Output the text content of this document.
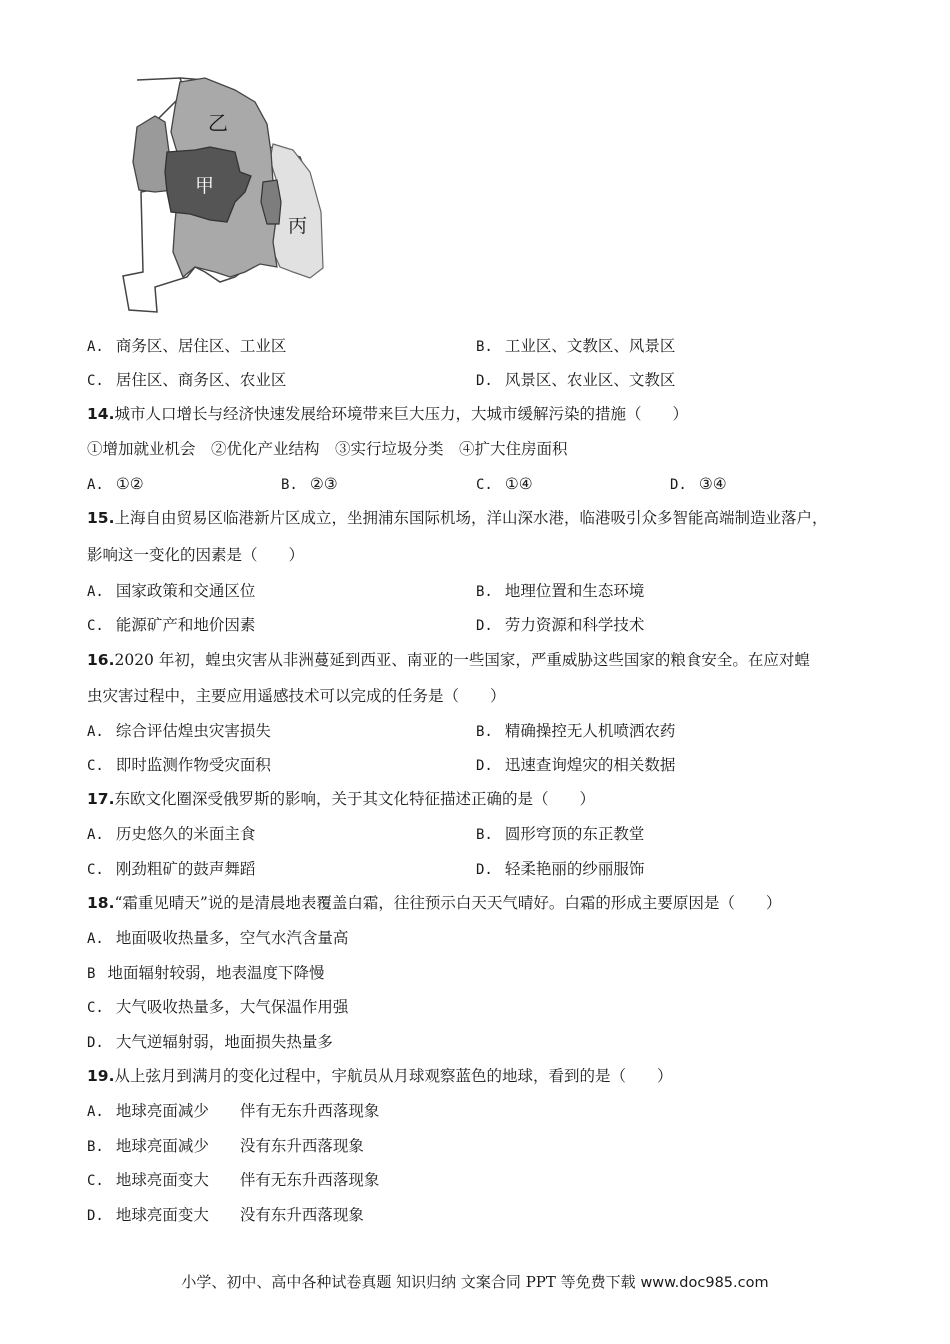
乙
甲
丙
A. 商务区、居住区、工业区	B. 工业区、文教区、风景区
C. 居住区、商务区、农业区	D. 风景区、农业区、文教区
14.城市人口增长与经济快速发展给环境带来巨大压力，大城市缓解污染的措施（　　）
①增加就业机会　②优化产业结构　③实行垃圾分类　④扩大住房面积
A. ①②	B. ②③	C. ①④	D. ③④
15.上海自由贸易区临港新片区成立，坐拥浦东国际机场，洋山深水港，临港吸引众多智能高端制造业落户，
影响这一变化的因素是（　　）
A. 国家政策和交通区位	B. 地理位置和生态环境
C. 能源矿产和地价因素	D. 劳力资源和科学技术
16.2020 年初，蝗虫灾害从非洲蔓延到西亚、南亚的一些国家，严重威胁这些国家的粮食安全。在应对蝗
虫灾害过程中，主要应用遥感技术可以完成的任务是（　　）
A. 综合评估煌虫灾害损失	B. 精确操控无人机喷洒农药
C. 即时监测作物受灾面积	D. 迅速查询煌灾的相关数据
17.东欧文化圈深受俄罗斯的影响，关于其文化特征描述正确的是（　　）
A. 历史悠久的米面主食	B. 圆形穹顶的东正教堂
C. 刚劲粗矿的鼓声舞蹈	D. 轻柔艳丽的纱丽服饰
18.“霜重见晴天”说的是清晨地表覆盖白霜，往往预示白天天气晴好。白霜的形成主要原因是（　　）
A. 地面吸收热量多，空气水汽含量高
B 地面辐射较弱，地表温度下降慢
C. 大气吸收热量多，大气保温作用强
D. 大气逆辐射弱，地面损失热量多
19.从上弦月到满月的变化过程中，宇航员从月球观察蓝色的地球，看到的是（　　）
A. 地球亮面减少　　伴有无东升西落现象
B. 地球亮面减少　　没有东升西落现象
C. 地球亮面变大　　伴有无东升西落现象
D. 地球亮面变大　　没有东升西落现象
小学、初中、高中各种试卷真题 知识归纳 文案合同 PPT 等免费下载 www.doc985.com
